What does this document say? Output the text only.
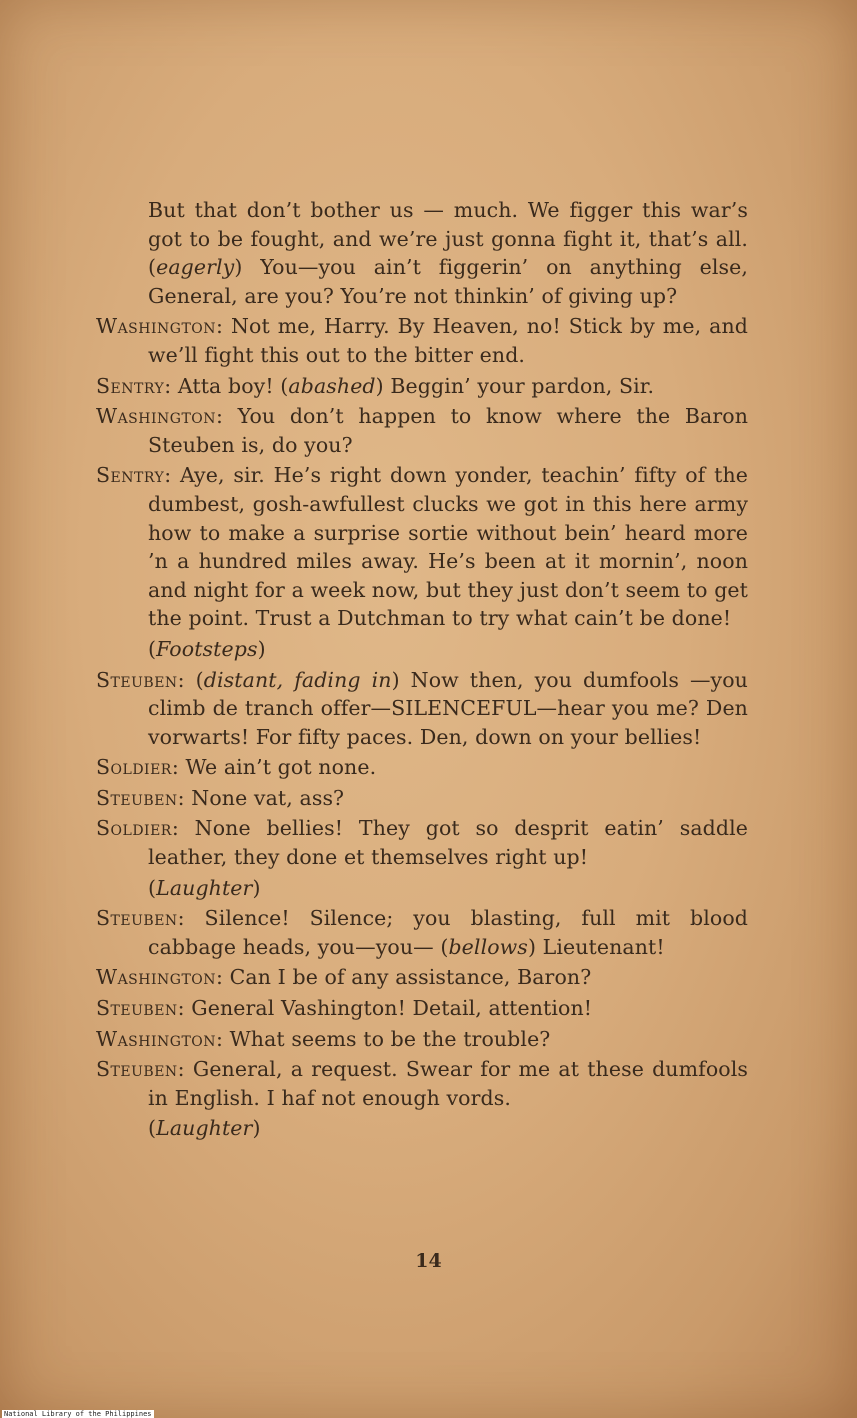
But that don’t bother us — much. We figger this war’s got to be fought, and we’re just gonna fight it, that’s all. (eagerly) You—you ain’t figgerin’ on anything else, General, are you? You’re not thinkin’ of giving up?

Washington: Not me, Harry. By Heaven, no! Stick by me, and we’ll fight this out to the bitter end.

Sentry: Atta boy! (abashed) Beggin’ your pardon, Sir.

Washington: You don’t happen to know where the Baron Steuben is, do you?

Sentry: Aye, sir. He’s right down yonder, teachin’ fifty of the dumbest, gosh-awfullest clucks we got in this here army how to make a surprise sortie without bein’ heard more ’n a hundred miles away. He’s been at it mornin’, noon and night for a week now, but they just don’t seem to get the point. Trust a Dutchman to try what cain’t be done!

(Footsteps)

Steuben: (distant, fading in) Now then, you dumfools —you climb de tranch offer—SILENCEFUL—hear you me? Den vorwarts! For fifty paces. Den, down on your bellies!

Soldier: We ain’t got none.

Steuben: None vat, ass?

Soldier: None bellies! They got so desprit eatin’ saddle leather, they done et themselves right up!

(Laughter)

Steuben: Silence! Silence; you blasting, full mit blood cabbage heads, you—you— (bellows) Lieutenant!

Washington: Can I be of any assistance, Baron?

Steuben: General Vashington! Detail, attention!

Washington: What seems to be the trouble?

Steuben: General, a request. Swear for me at these dumfools in English. I haf not enough vords.

(Laughter)

14
National Library of the Philippines
